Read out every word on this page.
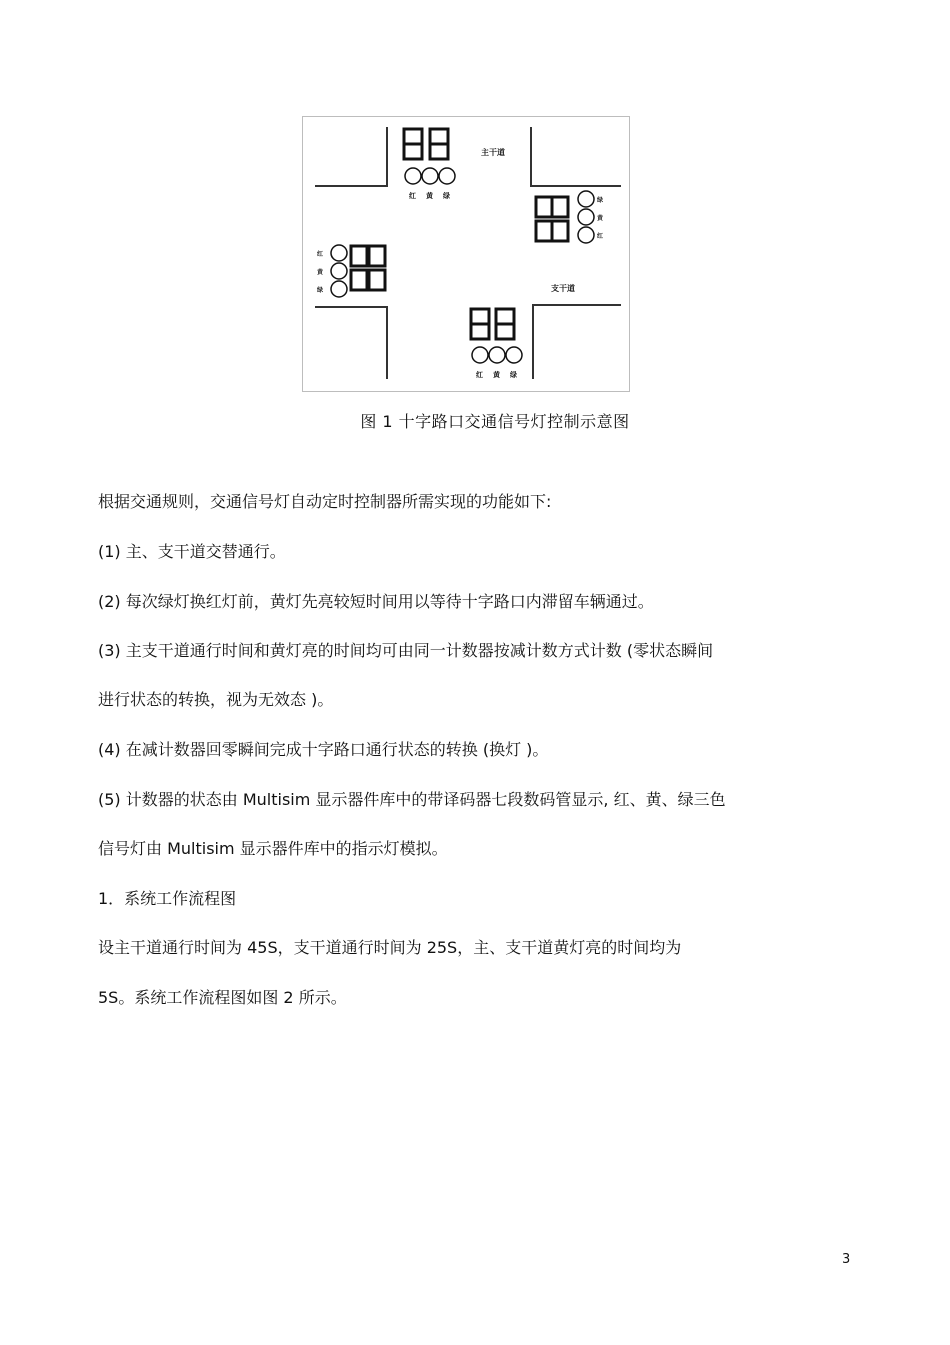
主干道
红 黄 绿
绿
黄
红
红
黄
绿	支干道
红 黄 绿
图 1 十字路口交通信号灯控制示意图
根据交通规则，交通信号灯自动定时控制器所需实现的功能如下:
(1) 主、支干道交替通行。
(2) 每次绿灯换红灯前，黄灯先亮较短时间用以等待十字路口内滞留车辆通过。
(3) 主支干道通行时间和黄灯亮的时间均可由同一计数器按减计数方式计数 (零状态瞬间
进行状态的转换，视为无效态 )。
(4) 在减计数器回零瞬间完成十字路口通行状态的转换 (换灯 )。
(5) 计数器的状态由 Multisim 显示器件库中的带译码器七段数码管显示, 红、黄、绿三色
信号灯由 Multisim 显示器件库中的指示灯模拟。
1．系统工作流程图
设主干道通行时间为 45S，支干道通行时间为 25S，主、支干道黄灯亮的时间均为
5S。系统工作流程图如图 2 所示。
3
